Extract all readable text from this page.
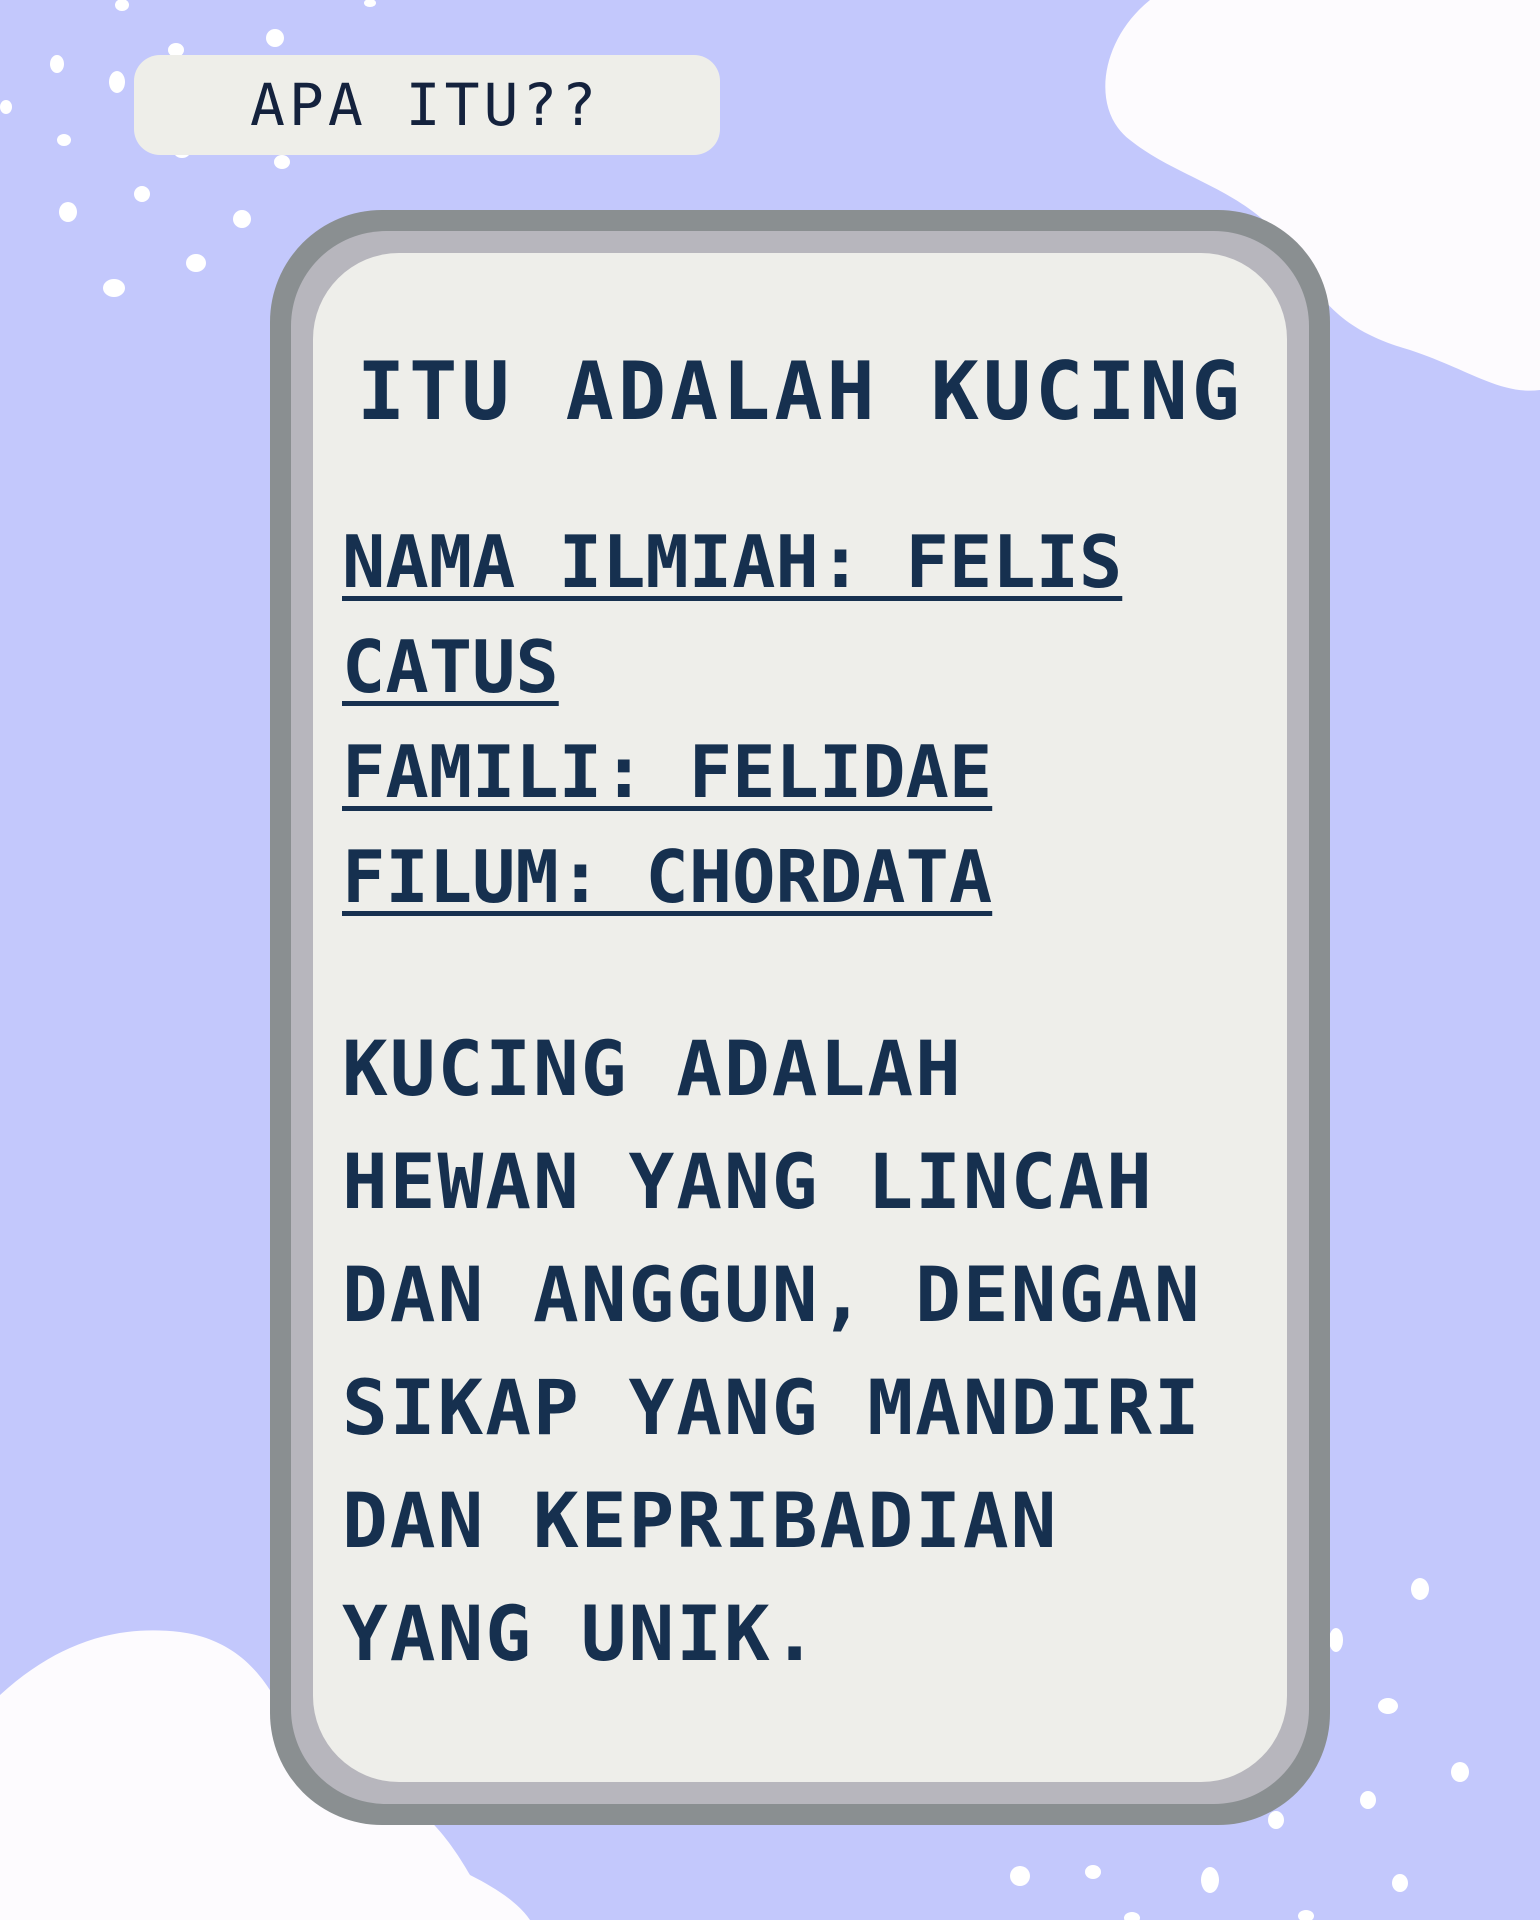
APA ITU??
ITU ADALAH KUCING
NAMA ILMIAH: FELIS
CATUS
FAMILI: FELIDAE
FILUM: CHORDATA
KUCING ADALAH
HEWAN YANG LINCAH
DAN ANGGUN, DENGAN
SIKAP YANG MANDIRI
DAN KEPRIBADIAN
YANG UNIK.
